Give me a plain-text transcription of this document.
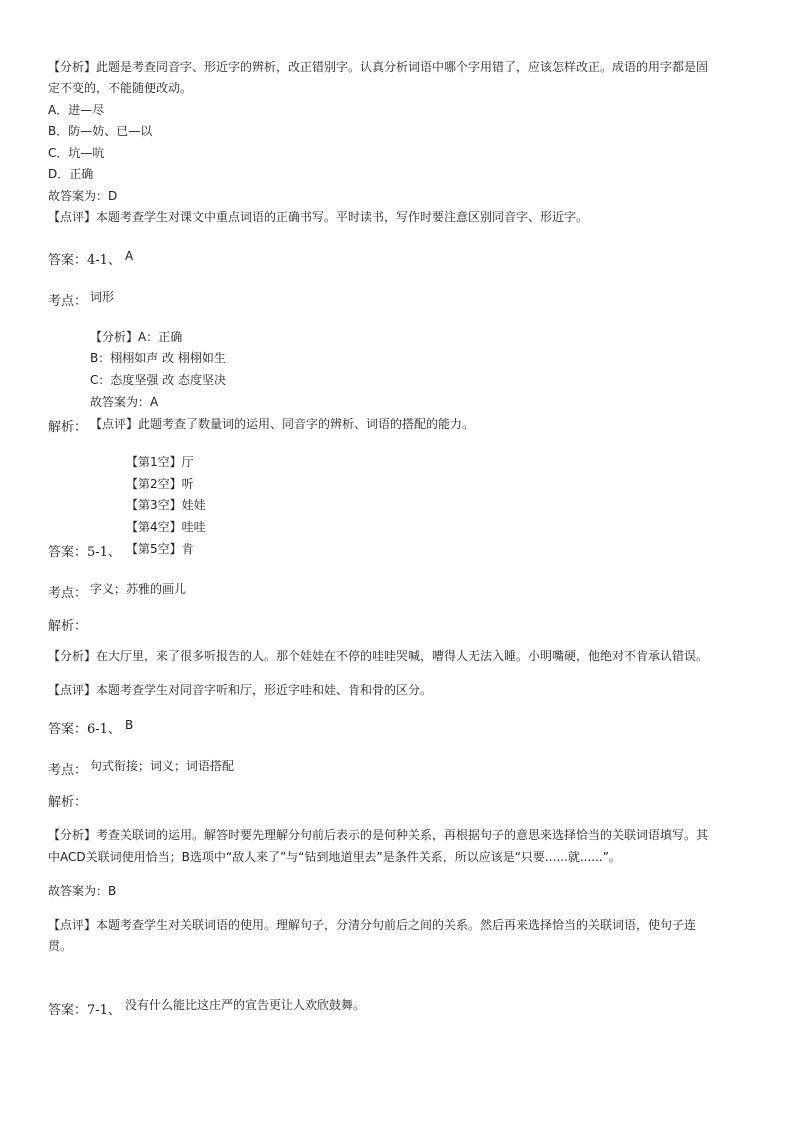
【分析】此题是考查同音字、形近字的辨析，改正错别字。认真分析词语中哪个字用错了，应该怎样改正。成语的用字都是固
定不变的，不能随便改动。
A．进—尽
B．防—妨、已—以
C．坑—吭
D．正确
故答案为：D
【点评】本题考查学生对课文中重点词语的正确书写。平时读书，写作时要注意区别同音字、形近字。
答案：4-1、 A
考点： 词形
【分析】A：正确
B：栩栩如声 改 栩栩如生
C：态度坚强 改 态度坚决
故答案为：A
解析： 【点评】此题考查了数量词的运用、同音字的辨析、词语的搭配的能力。
【第1空】厅
【第2空】听
【第3空】娃娃
【第4空】哇哇
答案：5-1、 【第5空】肯
考点： 字义；苏雅的画儿
解析：
【分析】在大厅里，来了很多听报告的人。那个娃娃在不停的哇哇哭喊，嘈得人无法入睡。小明嘴硬，他绝对不肯承认错误。
【点评】本题考查学生对同音字听和厅，形近字哇和娃、肯和骨的区分。
答案：6-1、 B
考点： 句式衔接；词义；词语搭配
解析：
【分析】考查关联词的运用。解答时要先理解分句前后表示的是何种关系，再根据句子的意思来选择恰当的关联词语填写。其
中ACD关联词使用恰当；B选项中“敌人来了”与“钻到地道里去”是条件关系，所以应该是“只要......就......”。
故答案为：B
【点评】本题考查学生对关联词语的使用。理解句子，分清分句前后之间的关系。然后再来选择恰当的关联词语，使句子连
贯。
答案：7-1、 没有什么能比这庄严的宣告更让人欢欣鼓舞。
